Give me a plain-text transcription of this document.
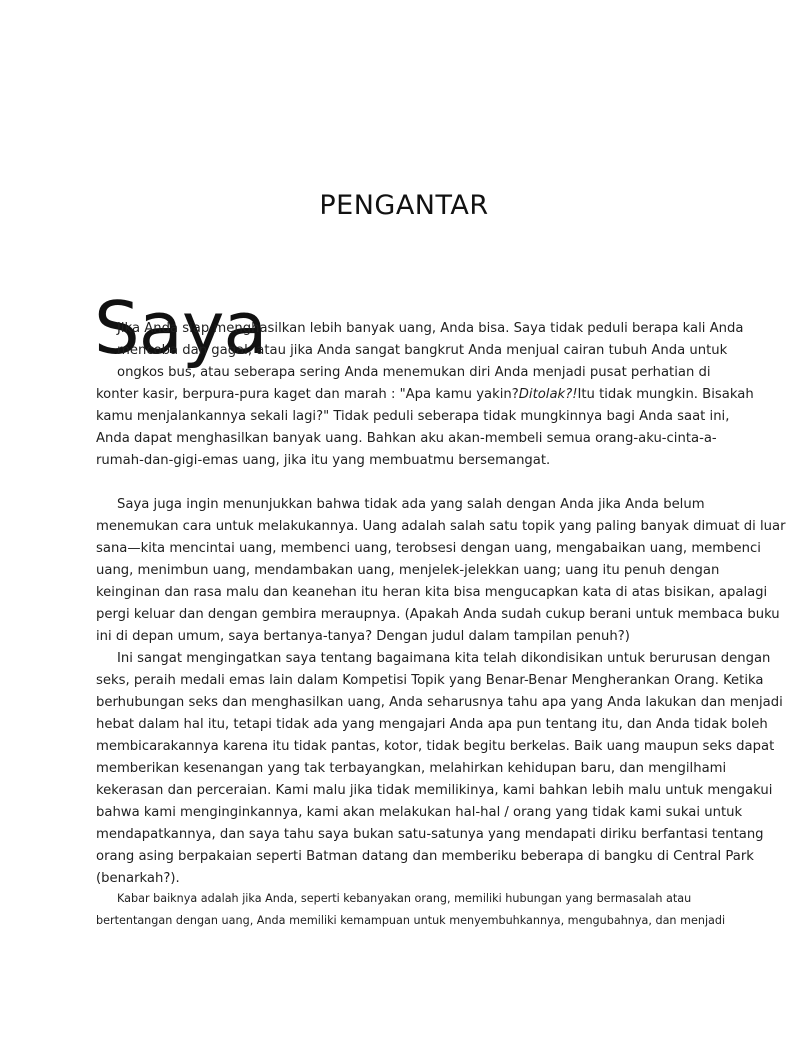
PENGANTAR
Saya
Jika Anda siap menghasilkan lebih banyak uang, Anda bisa. Saya tidak peduli berapa kali Anda
mencoba dan gagal, atau jika Anda sangat bangkrut Anda menjual cairan tubuh Anda untuk
ongkos bus, atau seberapa sering Anda menemukan diri Anda menjadi pusat perhatian di
konter kasir, berpura-pura kaget dan marah : "Apa kamu yakin?Ditolak?!Itu tidak mungkin. Bisakah
kamu menjalankannya sekali lagi?" Tidak peduli seberapa tidak mungkinnya bagi Anda saat ini,
Anda dapat menghasilkan banyak uang. Bahkan aku akan-membeli semua orang-aku-cinta-a-
rumah-dan-gigi-emas uang, jika itu yang membuatmu bersemangat.
Saya juga ingin menunjukkan bahwa tidak ada yang salah dengan Anda jika Anda belum
menemukan cara untuk melakukannya. Uang adalah salah satu topik yang paling banyak dimuat di luar
sana—kita mencintai uang, membenci uang, terobsesi dengan uang, mengabaikan uang, membenci
uang, menimbun uang, mendambakan uang, menjelek-jelekkan uang; uang itu penuh dengan
keinginan dan rasa malu dan keanehan itu heran kita bisa mengucapkan kata di atas bisikan, apalagi
pergi keluar dan dengan gembira meraupnya. (Apakah Anda sudah cukup berani untuk membaca buku
ini di depan umum, saya bertanya-tanya? Dengan judul dalam tampilan penuh?)
Ini sangat mengingatkan saya tentang bagaimana kita telah dikondisikan untuk berurusan dengan
seks, peraih medali emas lain dalam Kompetisi Topik yang Benar-Benar Mengherankan Orang. Ketika
berhubungan seks dan menghasilkan uang, Anda seharusnya tahu apa yang Anda lakukan dan menjadi
hebat dalam hal itu, tetapi tidak ada yang mengajari Anda apa pun tentang itu, dan Anda tidak boleh
membicarakannya karena itu tidak pantas, kotor, tidak begitu berkelas. Baik uang maupun seks dapat
memberikan kesenangan yang tak terbayangkan, melahirkan kehidupan baru, dan mengilhami
kekerasan dan perceraian. Kami malu jika tidak memilikinya, kami bahkan lebih malu untuk mengakui
bahwa kami menginginkannya, kami akan melakukan hal-hal / orang yang tidak kami sukai untuk
mendapatkannya, dan saya tahu saya bukan satu-satunya yang mendapati diriku berfantasi tentang
orang asing berpakaian seperti Batman datang dan memberiku beberapa di bangku di Central Park
(benarkah?).
Kabar baiknya adalah jika Anda, seperti kebanyakan orang, memiliki hubungan yang bermasalah atau
bertentangan dengan uang, Anda memiliki kemampuan untuk menyembuhkannya, mengubahnya, dan menjadi
